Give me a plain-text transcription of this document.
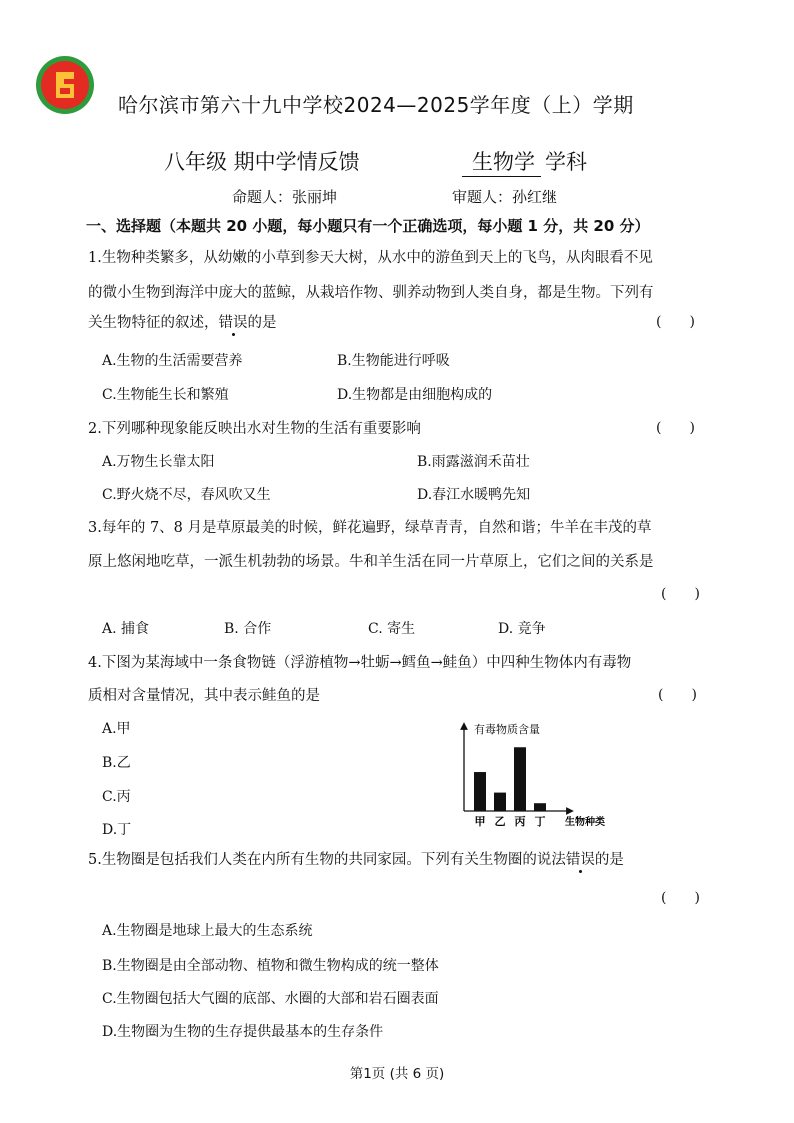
哈尔滨市第六十九中学校2024—2025学年度（上）学期
八年级 期中学情反馈	生物学 学科
命题人：张丽坤	审题人：孙红继
一、选择题（本题共 20 小题，每小题只有一个正确选项，每小题 1 分，共 20 分）
1.生物种类繁多，从幼嫩的小草到参天大树，从水中的游鱼到天上的飞鸟，从肉眼看不见
的微小生物到海洋中庞大的蓝鲸，从栽培作物、驯养动物到人类自身，都是生物。下列有
关生物特征的叙述，错误的是	(　　)
A.生物的生活需要营养	B.生物能进行呼吸
C.生物能生长和繁殖	D.生物都是由细胞构成的
2.下列哪种现象能反映出水对生物的生活有重要影响	(　　)
A.万物生长靠太阳	B.雨露滋润禾苗壮
C.野火烧不尽，春风吹又生	D.春江水暖鸭先知
3.每年的 7、8 月是草原最美的时候，鲜花遍野，绿草青青，自然和谐；牛羊在丰茂的草
原上悠闲地吃草，一派生机勃勃的场景。牛和羊生活在同一片草原上，它们之间的关系是
(　　)
A. 捕食	B. 合作	C. 寄生	D. 竞争
4.下图为某海域中一条食物链（浮游植物→牡蛎→鳕鱼→鲑鱼）中四种生物体内有毒物
质相对含量情况，其中表示鲑鱼的是	(　　)
A.甲
B.乙
C.丙
D.丁
有毒物质含量
生物种类
甲 乙 丙 丁
5.生物圈是包括我们人类在内所有生物的共同家园。下列有关生物圈的说法错误的是
(　　)
A.生物圈是地球上最大的生态系统
B.生物圈是由全部动物、植物和微生物构成的统一整体
C.生物圈包括大气圈的底部、水圈的大部和岩石圈表面
D.生物圈为生物的生存提供最基本的生存条件
第1页 (共 6 页)
